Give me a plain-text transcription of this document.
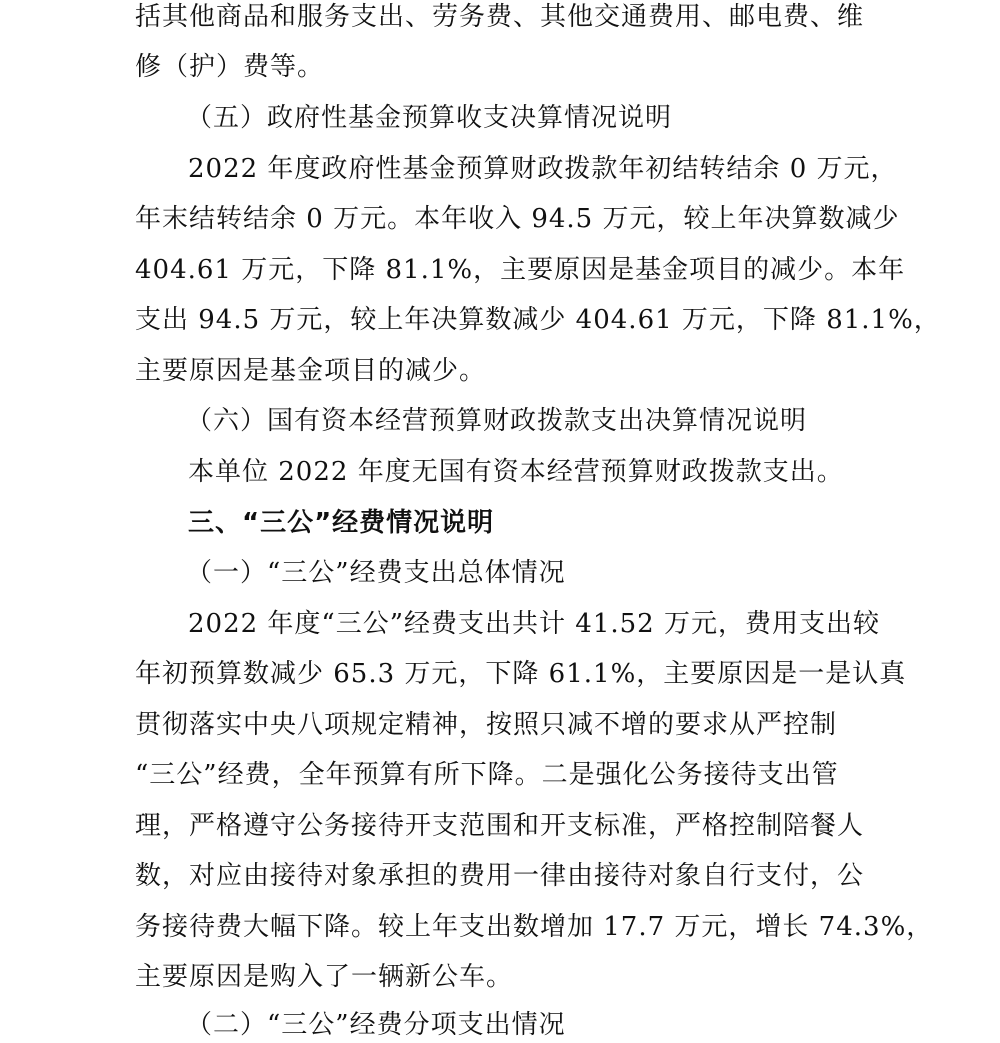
括其他商品和服务支出、劳务费、其他交通费用、邮电费、维
修（护）费等。
（五）政府性基金预算收支决算情况说明
2022 年度政府性基金预算财政拨款年初结转结余 0 万元，
年末结转结余 0 万元。本年收入 94.5 万元，较上年决算数减少
404.61 万元，下降 81.1%，主要原因是基金项目的减少。本年
支出 94.5 万元，较上年决算数减少 404.61 万元，下降 81.1%，
主要原因是基金项目的减少。
（六）国有资本经营预算财政拨款支出决算情况说明
本单位 2022 年度无国有资本经营预算财政拨款支出。
三、“三公”经费情况说明
（一）“三公”经费支出总体情况
2022 年度“三公”经费支出共计 41.52 万元，费用支出较
年初预算数减少 65.3 万元，下降 61.1%，主要原因是一是认真
贯彻落实中央八项规定精神，按照只减不增的要求从严控制
“三公”经费，全年预算有所下降。二是强化公务接待支出管
理，严格遵守公务接待开支范围和开支标准，严格控制陪餐人
数，对应由接待对象承担的费用一律由接待对象自行支付，公
务接待费大幅下降。较上年支出数增加 17.7 万元，增长 74.3%，
主要原因是购入了一辆新公车。
（二）“三公”经费分项支出情况
